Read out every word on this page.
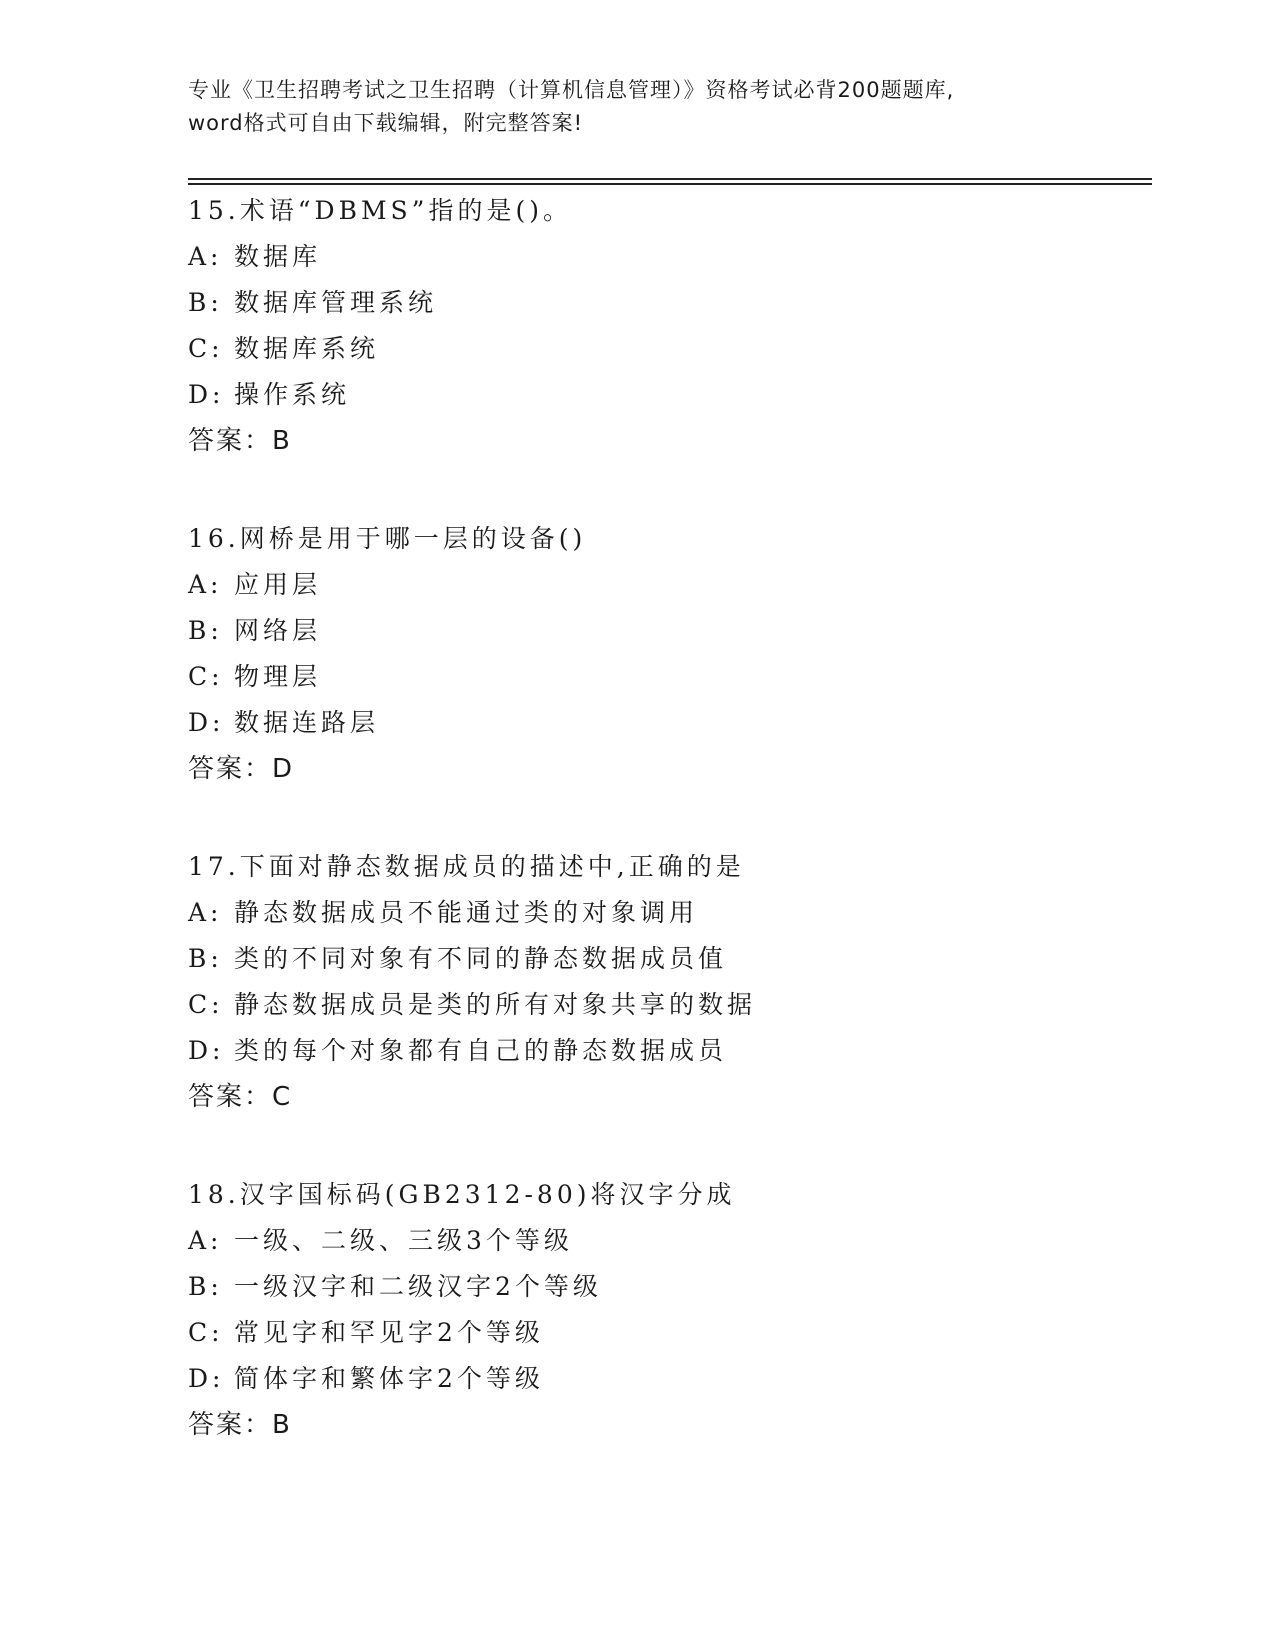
专业《卫生招聘考试之卫生招聘（计算机信息管理）》资格考试必背200题题库,
word格式可自由下载编辑，附完整答案!
15.术语“DBMS”指的是()。
A: 数据库
B: 数据库管理系统
C: 数据库系统
D: 操作系统
答案：B
16.网桥是用于哪一层的设备()
A: 应用层
B: 网络层
C: 物理层
D: 数据连路层
答案：D
17.下面对静态数据成员的描述中,正确的是
A: 静态数据成员不能通过类的对象调用
B: 类的不同对象有不同的静态数据成员值
C: 静态数据成员是类的所有对象共享的数据
D: 类的每个对象都有自己的静态数据成员
答案：C
18.汉字国标码(GB2312-80)将汉字分成
A: 一级、二级、三级3个等级
B: 一级汉字和二级汉字2个等级
C: 常见字和罕见字2个等级
D: 简体字和繁体字2个等级
答案：B
